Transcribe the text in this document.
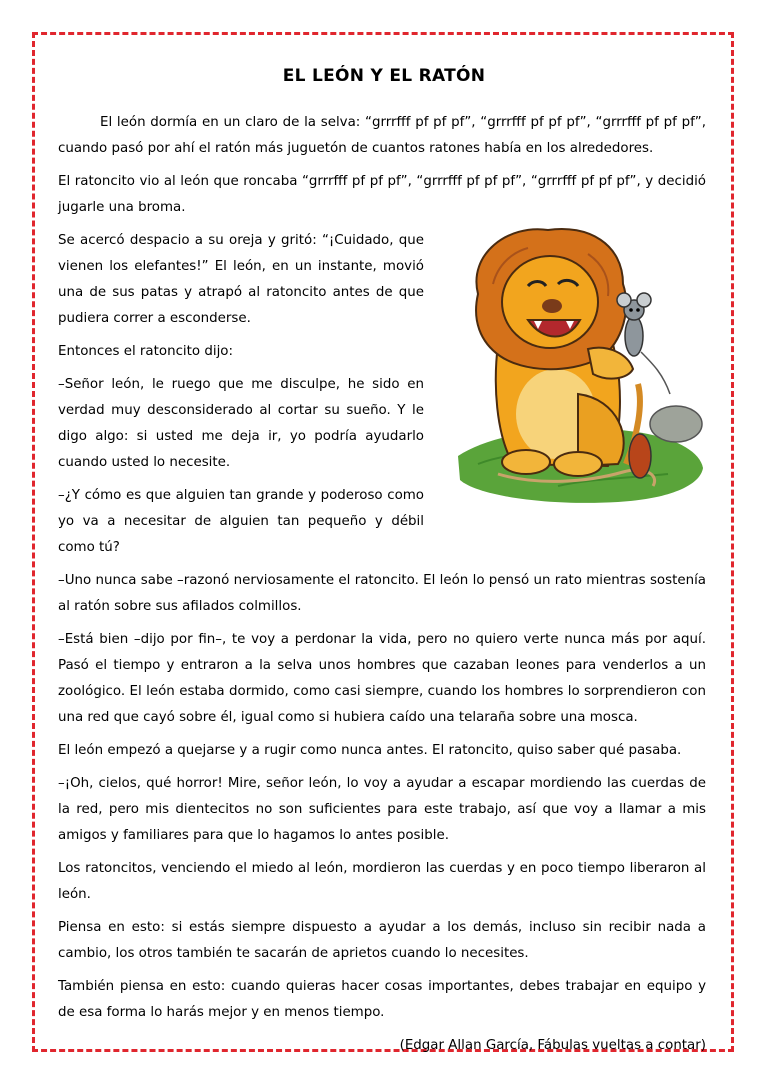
EL LEÓN Y EL RATÓN

El león dormía en un claro de la selva: “grrrfff pf pf pf”, “grrrfff pf pf pf”, “grrrfff pf pf pf”, cuando pasó por ahí el ratón más juguetón de cuantos ratones había en los alrededores.

El ratoncito vio al león que roncaba “grrrfff pf pf pf”, “grrrfff pf pf pf”, “grrrfff pf pf pf”, y decidió jugarle una broma.

Se acercó despacio a su oreja y gritó: “¡Cuidado, que vienen los elefantes!” El león, en un instante, movió una de sus patas y atrapó al ratoncito antes de que pudiera correr a esconderse.

Entonces el ratoncito dijo:

–Señor león, le ruego que me disculpe, he sido en verdad muy desconsiderado al cortar su sueño. Y le digo algo: si usted me deja ir, yo podría ayudarlo cuando usted lo necesite.

–¿Y cómo es que alguien tan grande y poderoso como yo va a necesitar de alguien tan pequeño y débil como tú?

–Uno nunca sabe –razonó nerviosamente el ratoncito. El león lo pensó un rato mientras sostenía al ratón sobre sus afilados colmillos.

–Está bien –dijo por fin–, te voy a perdonar la vida, pero no quiero verte nunca más por aquí. Pasó el tiempo y entraron a la selva unos hombres que cazaban leones para venderlos a un zoológico. El león estaba dormido, como casi siempre, cuando los hombres lo sorprendieron con una red que cayó sobre él, igual como si hubiera caído una telaraña sobre una mosca.

El león empezó a quejarse y a rugir como nunca antes. El ratoncito, quiso saber qué pasaba.

–¡Oh, cielos, qué horror! Mire, señor león, lo voy a ayudar a escapar mordiendo las cuerdas de la red, pero mis dientecitos no son suficientes para este trabajo, así que voy a llamar a mis amigos y familiares para que lo hagamos lo antes posible.

Los ratoncitos, venciendo el miedo al león, mordieron las cuerdas y en poco tiempo liberaron al león.

Piensa en esto: si estás siempre dispuesto a ayudar a los demás, incluso sin recibir nada a cambio, los otros también te sacarán de aprietos cuando lo necesites.

También piensa en esto: cuando quieras hacer cosas importantes, debes trabajar en equipo y de esa forma lo harás mejor y en menos tiempo.

(Edgar Allan García, Fábulas vueltas a contar)
